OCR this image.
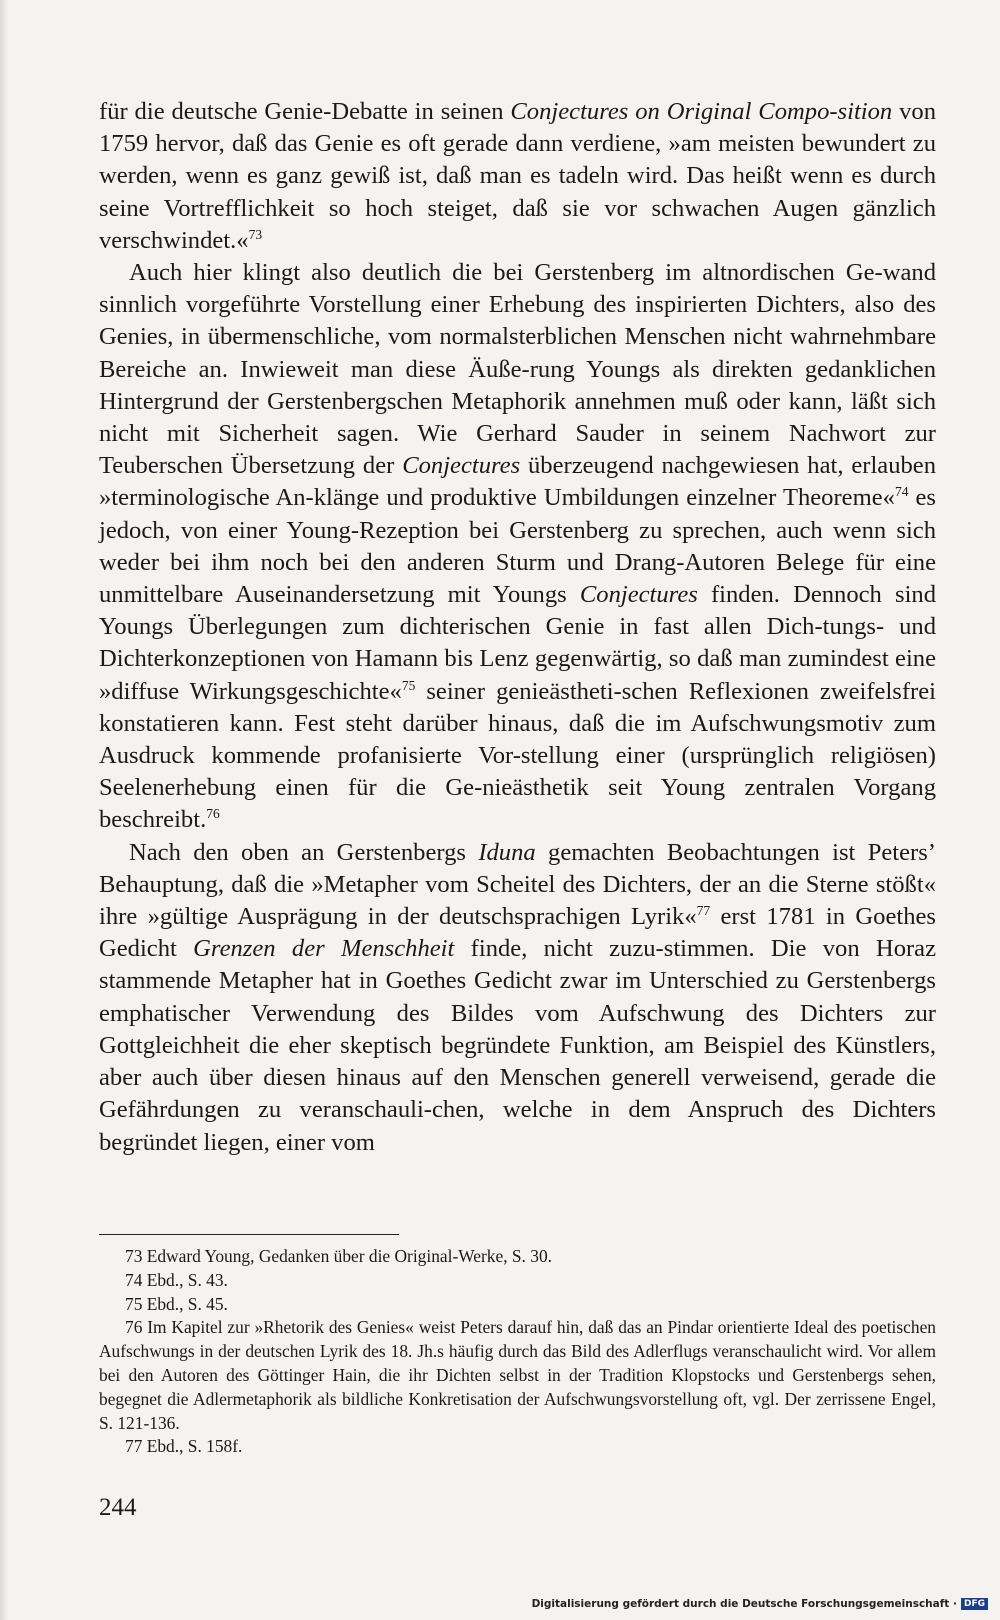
für die deutsche Genie-Debatte in seinen Conjectures on Original Compo-sition von 1759 hervor, daß das Genie es oft gerade dann verdiene, »am meisten bewundert zu werden, wenn es ganz gewiß ist, daß man es tadeln wird. Das heißt wenn es durch seine Vortrefflichkeit so hoch steiget, daß sie vor schwachen Augen gänzlich verschwindet.«$^{73}$

Auch hier klingt also deutlich die bei Gerstenberg im altnordischen Ge-wand sinnlich vorgeführte Vorstellung einer Erhebung des inspirierten Dichters, also des Genies, in übermenschliche, vom normalsterblichen Menschen nicht wahrnehmbare Bereiche an. Inwieweit man diese Äuße-rung Youngs als direkten gedanklichen Hintergrund der Gerstenbergschen Metaphorik annehmen muß oder kann, läßt sich nicht mit Sicherheit sagen. Wie Gerhard Sauder in seinem Nachwort zur Teuberschen Übersetzung der Conjectures überzeugend nachgewiesen hat, erlauben »terminologische An-klänge und produktive Umbildungen einzelner Theoreme«$^{74}$ es jedoch, von einer Young-Rezeption bei Gerstenberg zu sprechen, auch wenn sich weder bei ihm noch bei den anderen Sturm und Drang-Autoren Belege für eine unmittelbare Auseinandersetzung mit Youngs Conjectures finden. Dennoch sind Youngs Überlegungen zum dichterischen Genie in fast allen Dich-tungs- und Dichterkonzeptionen von Hamann bis Lenz gegenwärtig, so daß man zumindest eine »diffuse Wirkungsgeschichte«$^{75}$ seiner genieästheti-schen Reflexionen zweifelsfrei konstatieren kann. Fest steht darüber hinaus, daß die im Aufschwungsmotiv zum Ausdruck kommende profanisierte Vor-stellung einer (ursprünglich religiösen) Seelenerhebung einen für die Ge-nieästhetik seit Young zentralen Vorgang beschreibt.$^{76}$

Nach den oben an Gerstenbergs Iduna gemachten Beobachtungen ist Peters’ Behauptung, daß die »Metapher vom Scheitel des Dichters, der an die Sterne stößt« ihre »gültige Ausprägung in der deutschsprachigen Lyrik«$^{77}$ erst 1781 in Goethes Gedicht Grenzen der Menschheit finde, nicht zuzu-stimmen. Die von Horaz stammende Metapher hat in Goethes Gedicht zwar im Unterschied zu Gerstenbergs emphatischer Verwendung des Bildes vom Aufschwung des Dichters zur Gottgleichheit die eher skeptisch begründete Funktion, am Beispiel des Künstlers, aber auch über diesen hinaus auf den Menschen generell verweisend, gerade die Gefährdungen zu veranschauli-chen, welche in dem Anspruch des Dichters begründet liegen, einer vom

73 Edward Young, Gedanken über die Original-Werke, S. 30.

74 Ebd., S. 43.

75 Ebd., S. 45.

76 Im Kapitel zur »Rhetorik des Genies« weist Peters darauf hin, daß das an Pindar orientierte Ideal des poetischen Aufschwungs in der deutschen Lyrik des 18. Jh.s häufig durch das Bild des Adlerflugs veranschaulicht wird. Vor allem bei den Autoren des Göttinger Hain, die ihr Dichten selbst in der Tradition Klopstocks und Gerstenbergs sehen, begegnet die Adlermetaphorik als bildliche Konkretisation der Aufschwungsvorstellung oft, vgl. Der zerrissene Engel, S. 121-136.

77 Ebd., S. 158f.

244
Digitalisierung gefördert durch die Deutsche Forschungsgemeinschaft · DFG
